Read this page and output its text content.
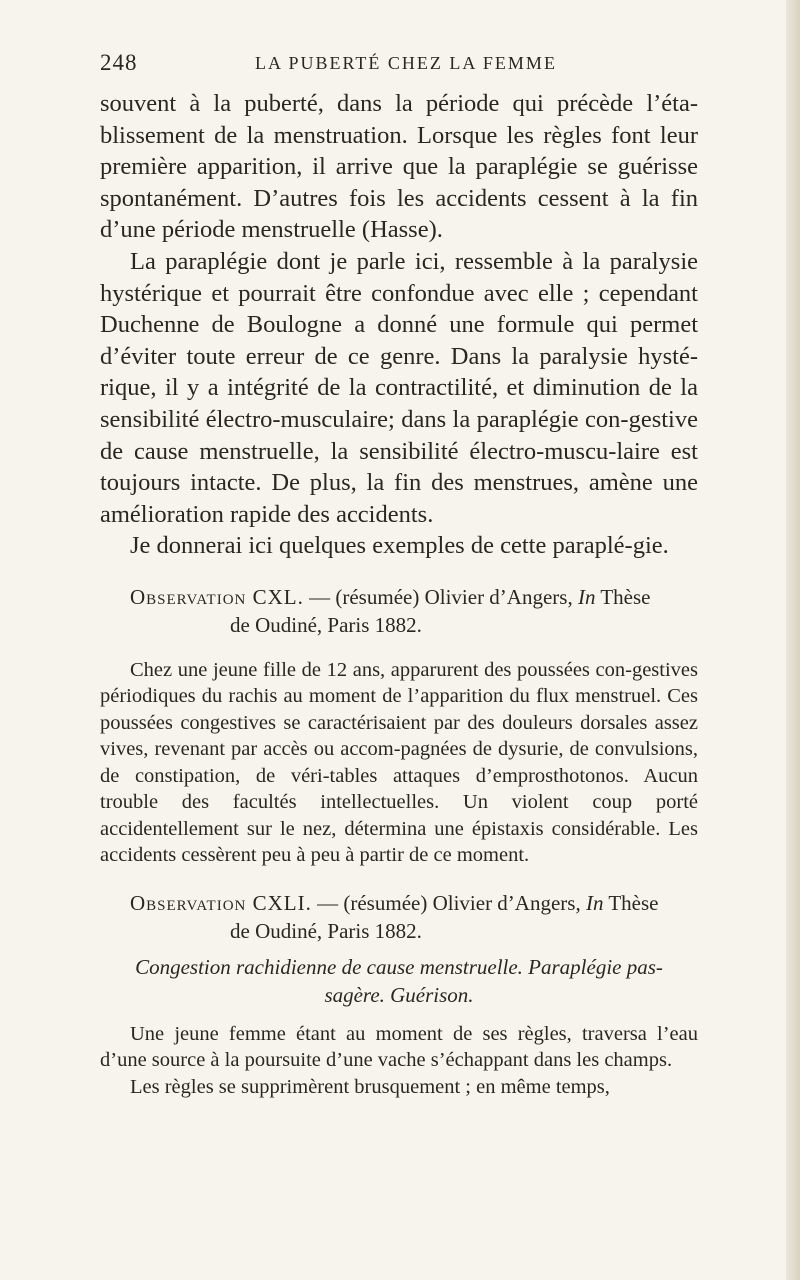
248	LA PUBERTÉ CHEZ LA FEMME

souvent à la puberté, dans la période qui précède l’éta-blissement de la menstruation. Lorsque les règles font leur première apparition, il arrive que la paraplégie se guérisse spontanément. D’autres fois les accidents cessent à la fin d’une période menstruelle (Hasse).

La paraplégie dont je parle ici, ressemble à la paralysie hystérique et pourrait être confondue avec elle ; cependant Duchenne de Boulogne a donné une formule qui permet d’éviter toute erreur de ce genre. Dans la paralysie hysté-rique, il y a intégrité de la contractilité, et diminution de la sensibilité électro-musculaire; dans la paraplégie con-gestive de cause menstruelle, la sensibilité électro-muscu-laire est toujours intacte. De plus, la fin des menstrues, amène une amélioration rapide des accidents.

Je donnerai ici quelques exemples de cette paraplé-gie.

Observation CXL. — (résumée) Olivier d’Angers, In Thèse
de Oudiné, Paris 1882.

Chez une jeune fille de 12 ans, apparurent des poussées con-gestives périodiques du rachis au moment de l’apparition du flux menstruel. Ces poussées congestives se caractérisaient par des douleurs dorsales assez vives, revenant par accès ou accom-pagnées de dysurie, de convulsions, de constipation, de véri-tables attaques d’emprosthotonos. Aucun trouble des facultés intellectuelles. Un violent coup porté accidentellement sur le nez, détermina une épistaxis considérable. Les accidents cessèrent peu à peu à partir de ce moment.

Observation CXLI. — (résumée) Olivier d’Angers, In Thèse
de Oudiné, Paris 1882.

Congestion rachidienne de cause menstruelle. Paraplégie pas-
sagère. Guérison.

Une jeune femme étant au moment de ses règles, traversa l’eau d’une source à la poursuite d’une vache s’échappant dans les champs.

Les règles se supprimèrent brusquement ; en même temps,
